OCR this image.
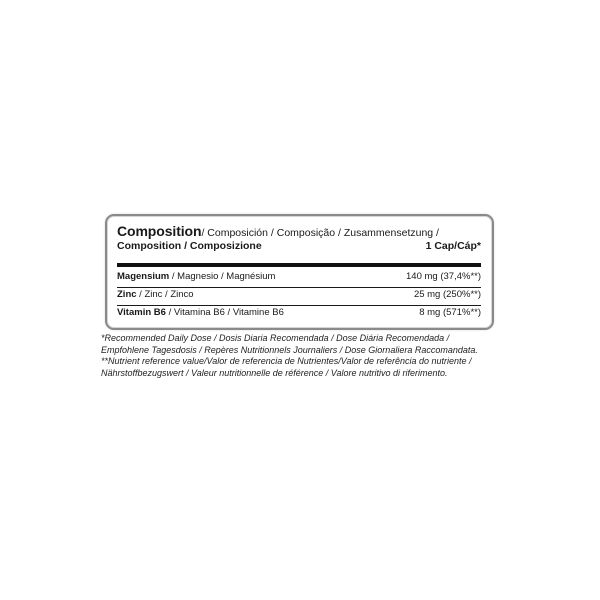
Composition / Composición / Composição / Zusammensetzung /
Composition / Composizione	1 Cap/Cáp*
Magensium / Magnesio / Magnésium	140 mg (37,4%**)
Zinc / Zinc / Zinco	25 mg (250%**)
Vitamin B6 / Vitamina B6 / Vitamine B6	8 mg (571%**)

*Recommended Daily Dose / Dosis Diaria Recomendada / Dose Diária Recomendada /

Empfohlene Tagesdosis / Repères Nutritionnels Journaliers / Dose Giornaliera Raccomandata.

**Nutrient reference value/Valor de referencia de Nutrientes/Valor de referência do nutriente /

Nährstoffbezugswert / Valeur nutritionnelle de référence / Valore nutritivo di riferimento.
